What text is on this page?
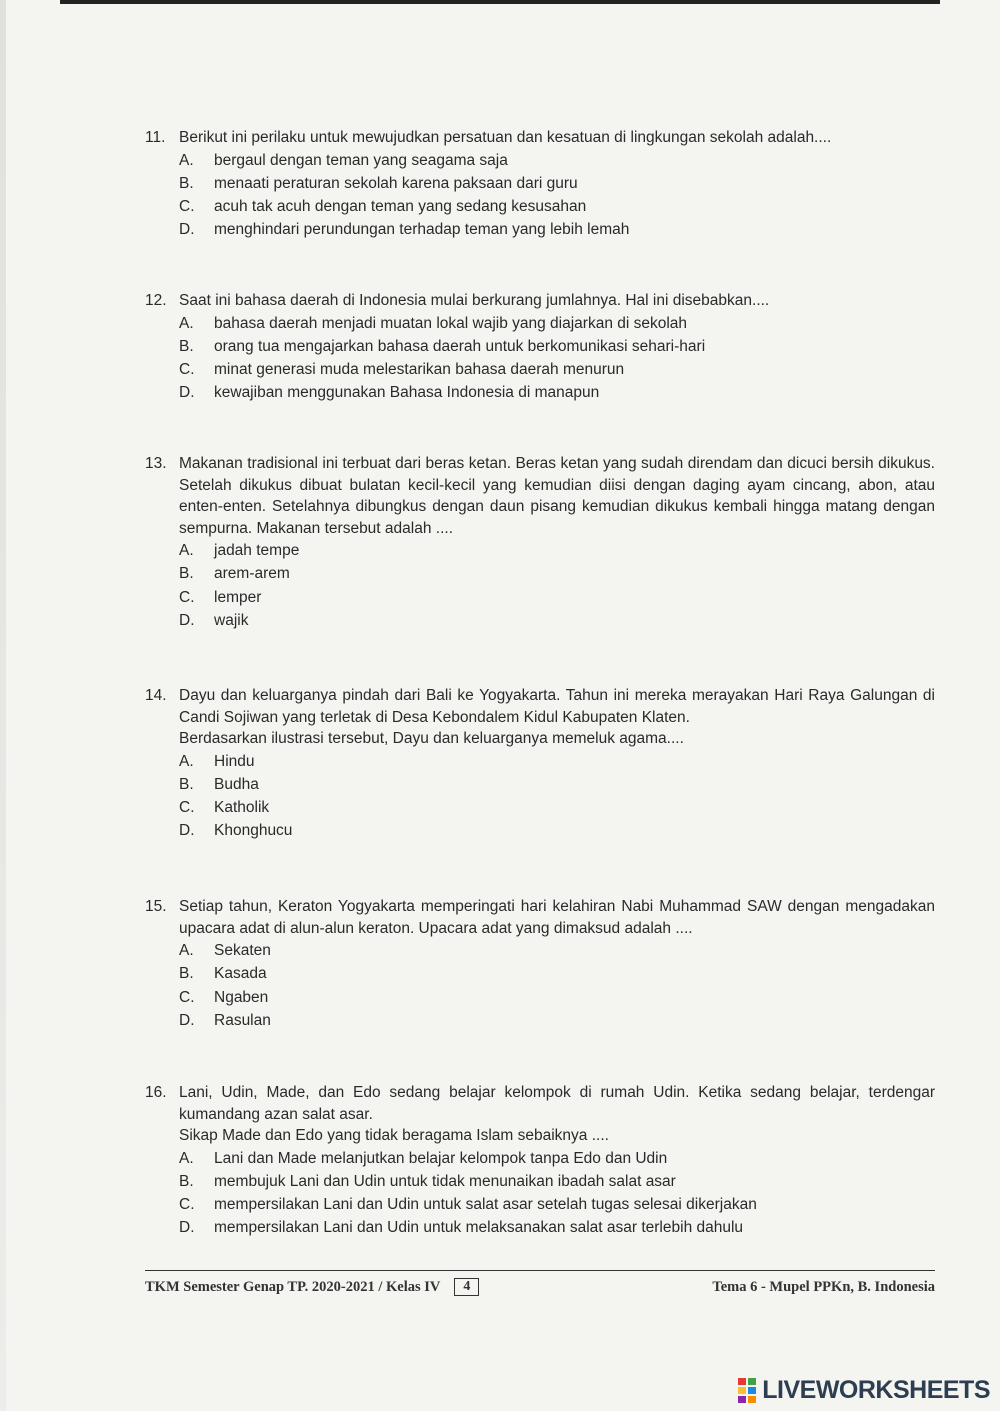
11. Berikut ini perilaku untuk mewujudkan persatuan dan kesatuan di lingkungan sekolah adalah....
A.	bergaul dengan teman yang seagama saja
B.	menaati peraturan sekolah karena paksaan dari guru
C.	acuh tak acuh dengan teman yang sedang kesusahan
D.	menghindari perundungan terhadap teman yang lebih lemah
12. Saat ini bahasa daerah di Indonesia mulai berkurang jumlahnya. Hal ini disebabkan....
A.	bahasa daerah menjadi muatan lokal wajib yang diajarkan di sekolah
B.	orang tua mengajarkan bahasa daerah untuk berkomunikasi sehari-hari
C.	minat generasi muda melestarikan bahasa daerah menurun
D.	kewajiban menggunakan Bahasa Indonesia di manapun
13. Makanan tradisional ini terbuat dari beras ketan. Beras ketan yang sudah direndam dan dicuci bersih dikukus. Setelah dikukus dibuat bulatan kecil-kecil yang kemudian diisi dengan daging ayam cincang, abon, atau enten-enten. Setelahnya dibungkus dengan daun pisang kemudian dikukus kembali hingga matang dengan sempurna. Makanan tersebut adalah ....
A.	jadah tempe
B.	arem-arem
C.	lemper
D.	wajik
14. Dayu dan keluarganya pindah dari Bali ke Yogyakarta. Tahun ini mereka merayakan Hari Raya Galungan di Candi Sojiwan yang terletak di Desa Kebondalem Kidul Kabupaten Klaten.
Berdasarkan ilustrasi tersebut, Dayu dan keluarganya memeluk agama....
A.	Hindu
B.	Budha
C.	Katholik
D.	Khonghucu
15. Setiap tahun, Keraton Yogyakarta memperingati hari kelahiran Nabi Muhammad SAW dengan mengadakan upacara adat di alun-alun keraton. Upacara adat yang dimaksud adalah ....
A.	Sekaten
B.	Kasada
C.	Ngaben
D.	Rasulan
16. Lani, Udin, Made, dan Edo sedang belajar kelompok di rumah Udin. Ketika sedang belajar, terdengar kumandang azan salat asar.
Sikap Made dan Edo yang tidak beragama Islam sebaiknya ....
A.	Lani dan Made melanjutkan belajar kelompok tanpa Edo dan Udin
B.	membujuk Lani dan Udin untuk tidak menunaikan ibadah salat asar
C.	mempersilakan Lani dan Udin untuk salat asar setelah tugas selesai dikerjakan
D.	mempersilakan Lani dan Udin untuk melaksanakan salat asar terlebih dahulu
TKM Semester Genap TP. 2020-2021 / Kelas IV	4	Tema 6 - Mupel PPKn, B. Indonesia
LIVEWORKSHEETS
